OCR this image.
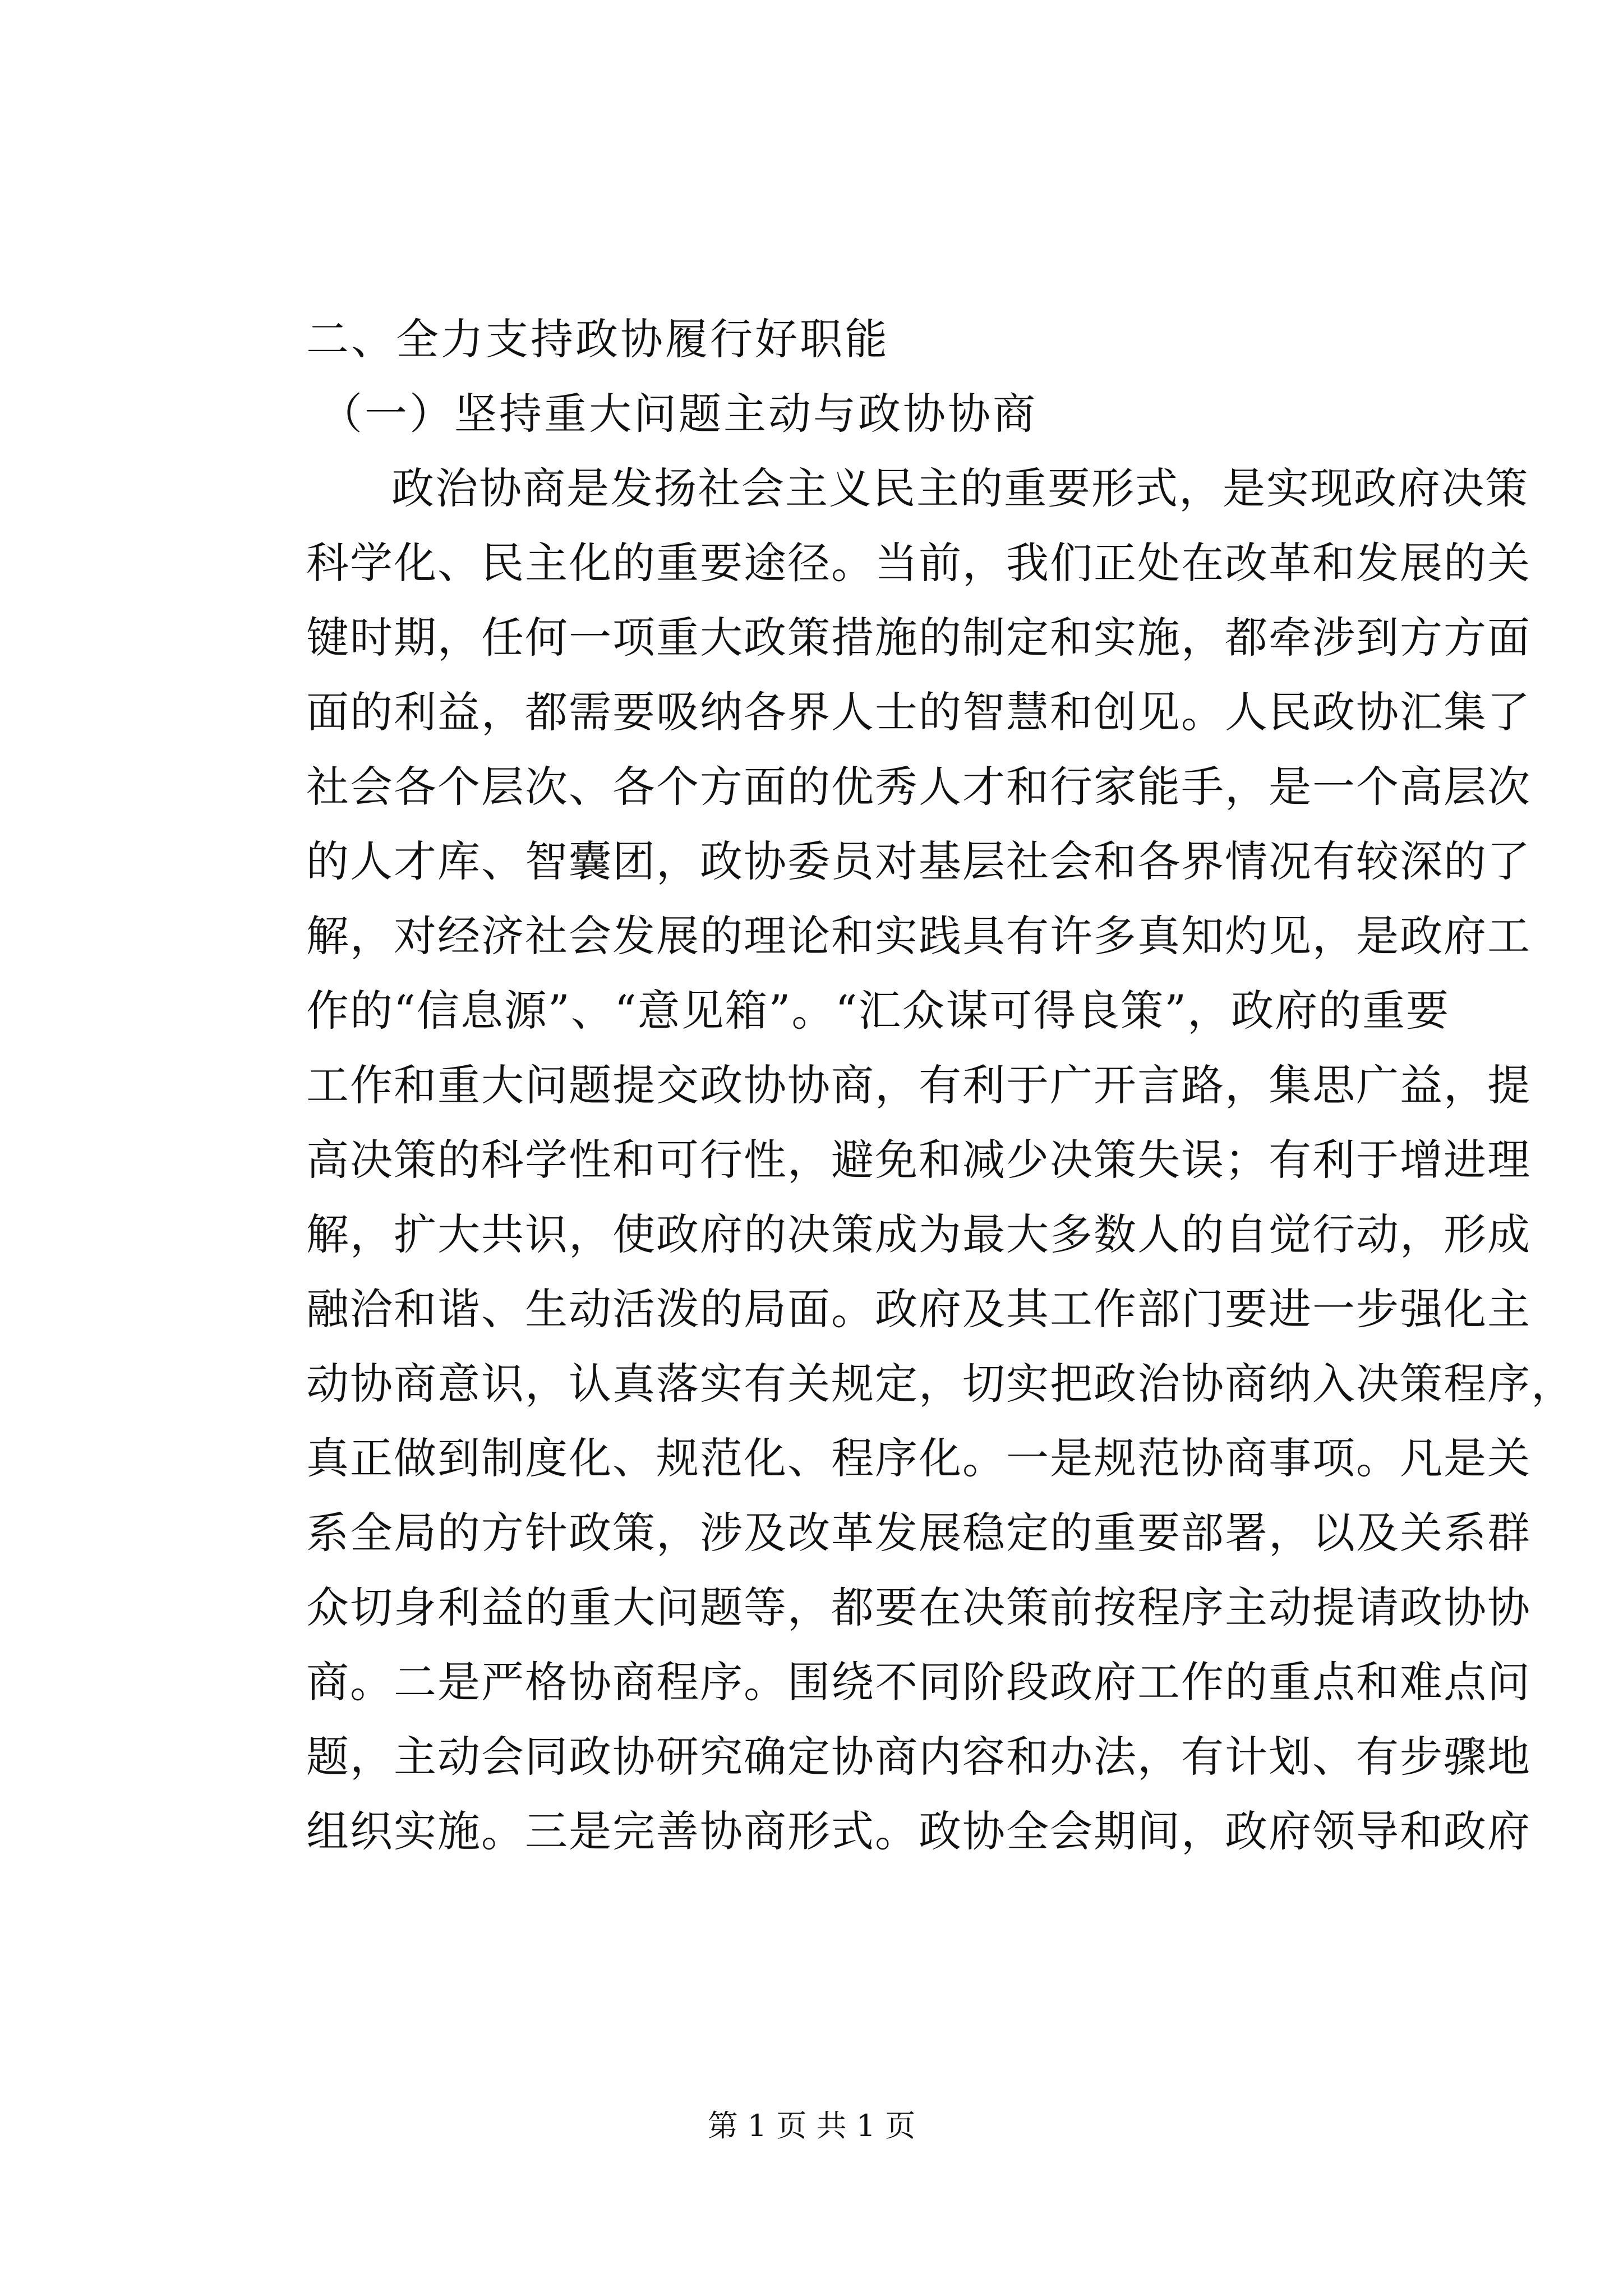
二、全力支持政协履行好职能
（一）坚持重大问题主动与政协协商
政治协商是发扬社会主义民主的重要形式，是实现政府决策
科学化、民主化的重要途径。当前，我们正处在改革和发展的关
键时期，任何一项重大政策措施的制定和实施，都牵涉到方方面
面的利益，都需要吸纳各界人士的智慧和创见。人民政协汇集了
社会各个层次、各个方面的优秀人才和行家能手，是一个高层次
的人才库、智囊团，政协委员对基层社会和各界情况有较深的了
解，对经济社会发展的理论和实践具有许多真知灼见，是政府工
作的“信息源”、“意见箱”。“汇众谋可得良策”，政府的重要
工作和重大问题提交政协协商，有利于广开言路，集思广益，提
高决策的科学性和可行性，避免和减少决策失误；有利于增进理
解，扩大共识，使政府的决策成为最大多数人的自觉行动，形成
融洽和谐、生动活泼的局面。政府及其工作部门要进一步强化主
动协商意识，认真落实有关规定，切实把政治协商纳入决策程序，
真正做到制度化、规范化、程序化。一是规范协商事项。凡是关
系全局的方针政策，涉及改革发展稳定的重要部署，以及关系群
众切身利益的重大问题等，都要在决策前按程序主动提请政协协
商。二是严格协商程序。围绕不同阶段政府工作的重点和难点问
题，主动会同政协研究确定协商内容和办法，有计划、有步骤地
组织实施。三是完善协商形式。政协全会期间，政府领导和政府
第 1 页 共 1 页
